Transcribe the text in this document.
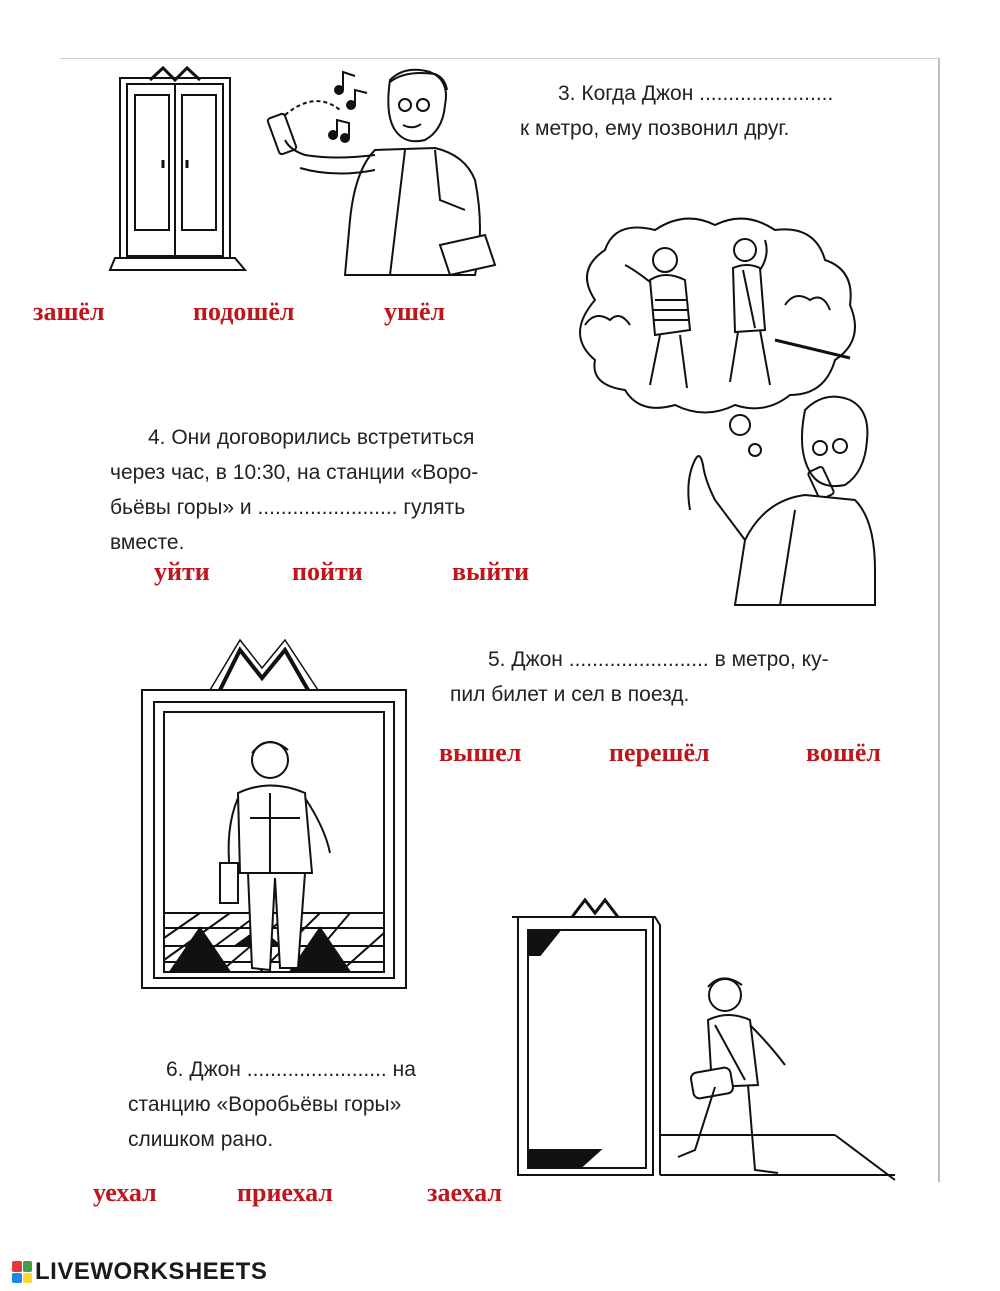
3. Когда Джон .......................

к метро, ему позвонил друг.

зашёл	подошёл	ушёл

4. Они договорились встретиться

через час, в 10:30, на станции «Воро-

бьёвы горы» и ........................ гулять

вместе.

уйти	пойти	выйти

5. Джон ........................ в метро, ку-

пил билет и сел в поезд.

вышел	перешёл	вошёл

6. Джон ........................ на

станцию «Воробьёвы горы»

слишком рано.

уехал	приехал	заехал
LIVEWORKSHEETS
